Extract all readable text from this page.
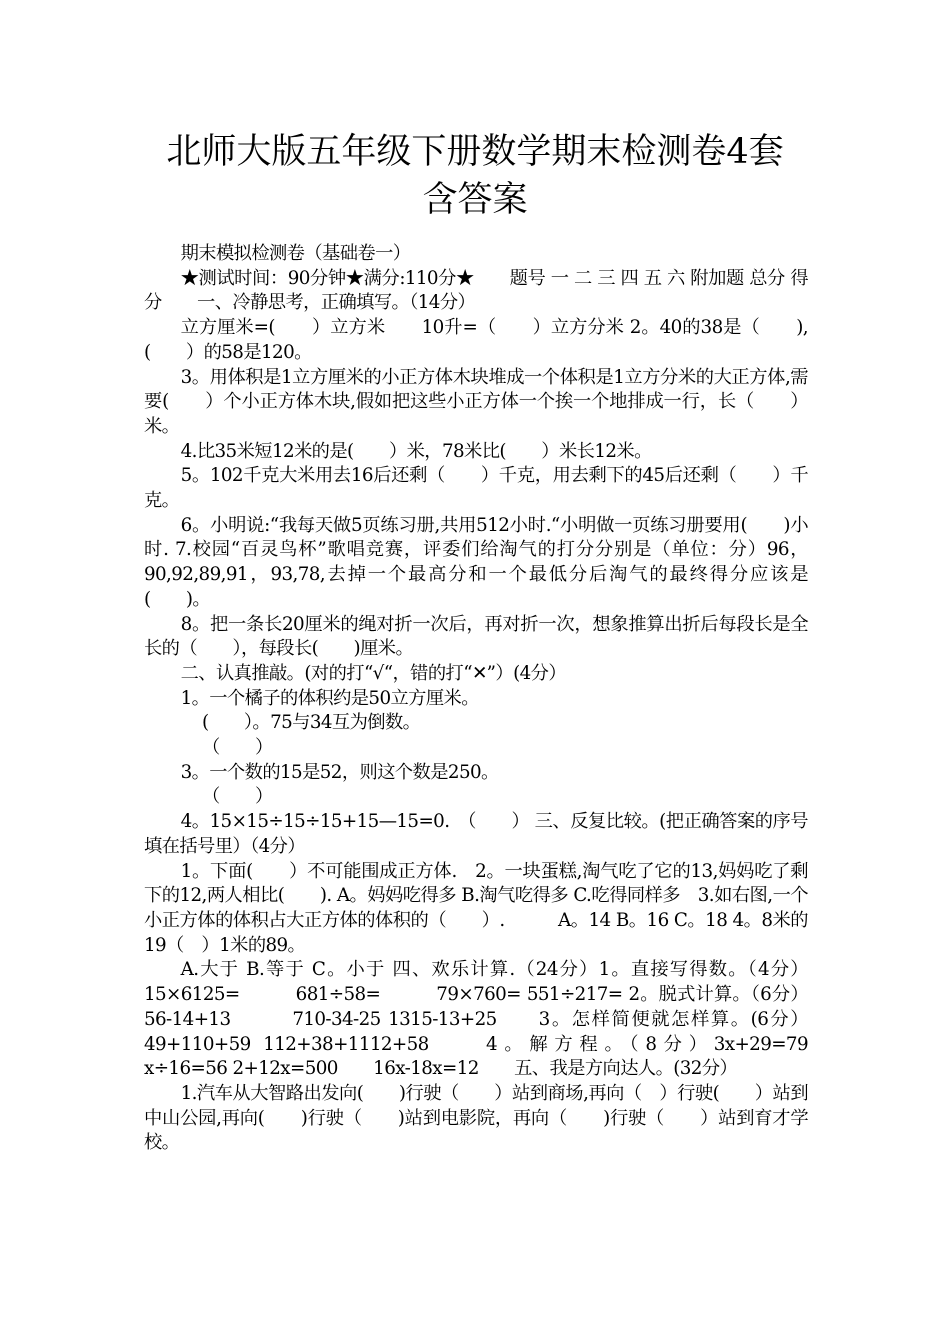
北师大版五年级下册数学期末检测卷4套
含答案

期末模拟检测卷（基础卷一）

★测试时间：90分钟★满分:110分★　　题号 一 二 三 四 五 六 附加题 总分 得分　　一、冷静思考，正确填写。（14分）

立方厘米=(　　）立方米　　10升=（　　）立方分米 2。40的38是（　　),(　　）的58是120。

3。用体积是1立方厘米的小正方体木块堆成一个体积是1立方分米的大正方体,需要(　　）个小正方体木块,假如把这些小正方体一个挨一个地排成一行，长（　　）米。

4.比35米短12米的是(　　）米，78米比(　　）米长12米。

5。102千克大米用去16后还剩（　　）千克，用去剩下的45后还剩（　　）千克。

6。小明说:“我每天做5页练习册,共用512小时.“小明做一页练习册要用(　　)小时. 7.校园“百灵鸟杯”歌唱竞赛，评委们给淘气的打分分别是（单位：分）96，90,92,89,91，93,78,去掉一个最高分和一个最低分后淘气的最终得分应该是(　　)。

8。把一条长20厘米的绳对折一次后，再对折一次，想象推算出折后每段长是全长的（　　），每段长(　　)厘米。

二、认真推敲。(对的打“√“，错的打“✕”）(4分）

1。一个橘子的体积约是50立方厘米。

(　　）。75与34互为倒数。

（　　）

3。一个数的15是52，则这个数是250。

（　　）

4。15×15÷15÷15+15—15=0.　（　　） 三、反复比较。(把正确答案的序号填在括号里）（4分）

1。下面(　　）不可能围成正方体.　2。一块蛋糕,淘气吃了它的13,妈妈吃了剩下的12,两人相比(　　). A。妈妈吃得多 B.淘气吃得多 C.吃得同样多　3.如右图,一个小正方体的体积占大正方体的体积的（　　）.　　　A。14 B。16 C。18 4。8米的19（　）1米的89。

A.大于 B.等于 C。小于 四、欢乐计算.（24分）1。直接写得数。（4分）15×6125=　　　681÷58=　　　79×760= 551÷217= 2。脱式计算。（6分）56-14+13　　　710-34-25 1315-13+25　　3。怎样简便就怎样算。(6分）49+110+59 112+38+1112+58　　4。解方程。（8分）3x+29=79　　x÷16=56 2+12x=500　　16x-18x=12　　五、我是方向达人。(32分）

1.汽车从大智路出发向(　　)行驶（　　）站到商场,再向（　）行驶(　　）站到中山公园,再向(　　)行驶（　　)站到电影院，再向（　　)行驶（　　）站到育才学校。
